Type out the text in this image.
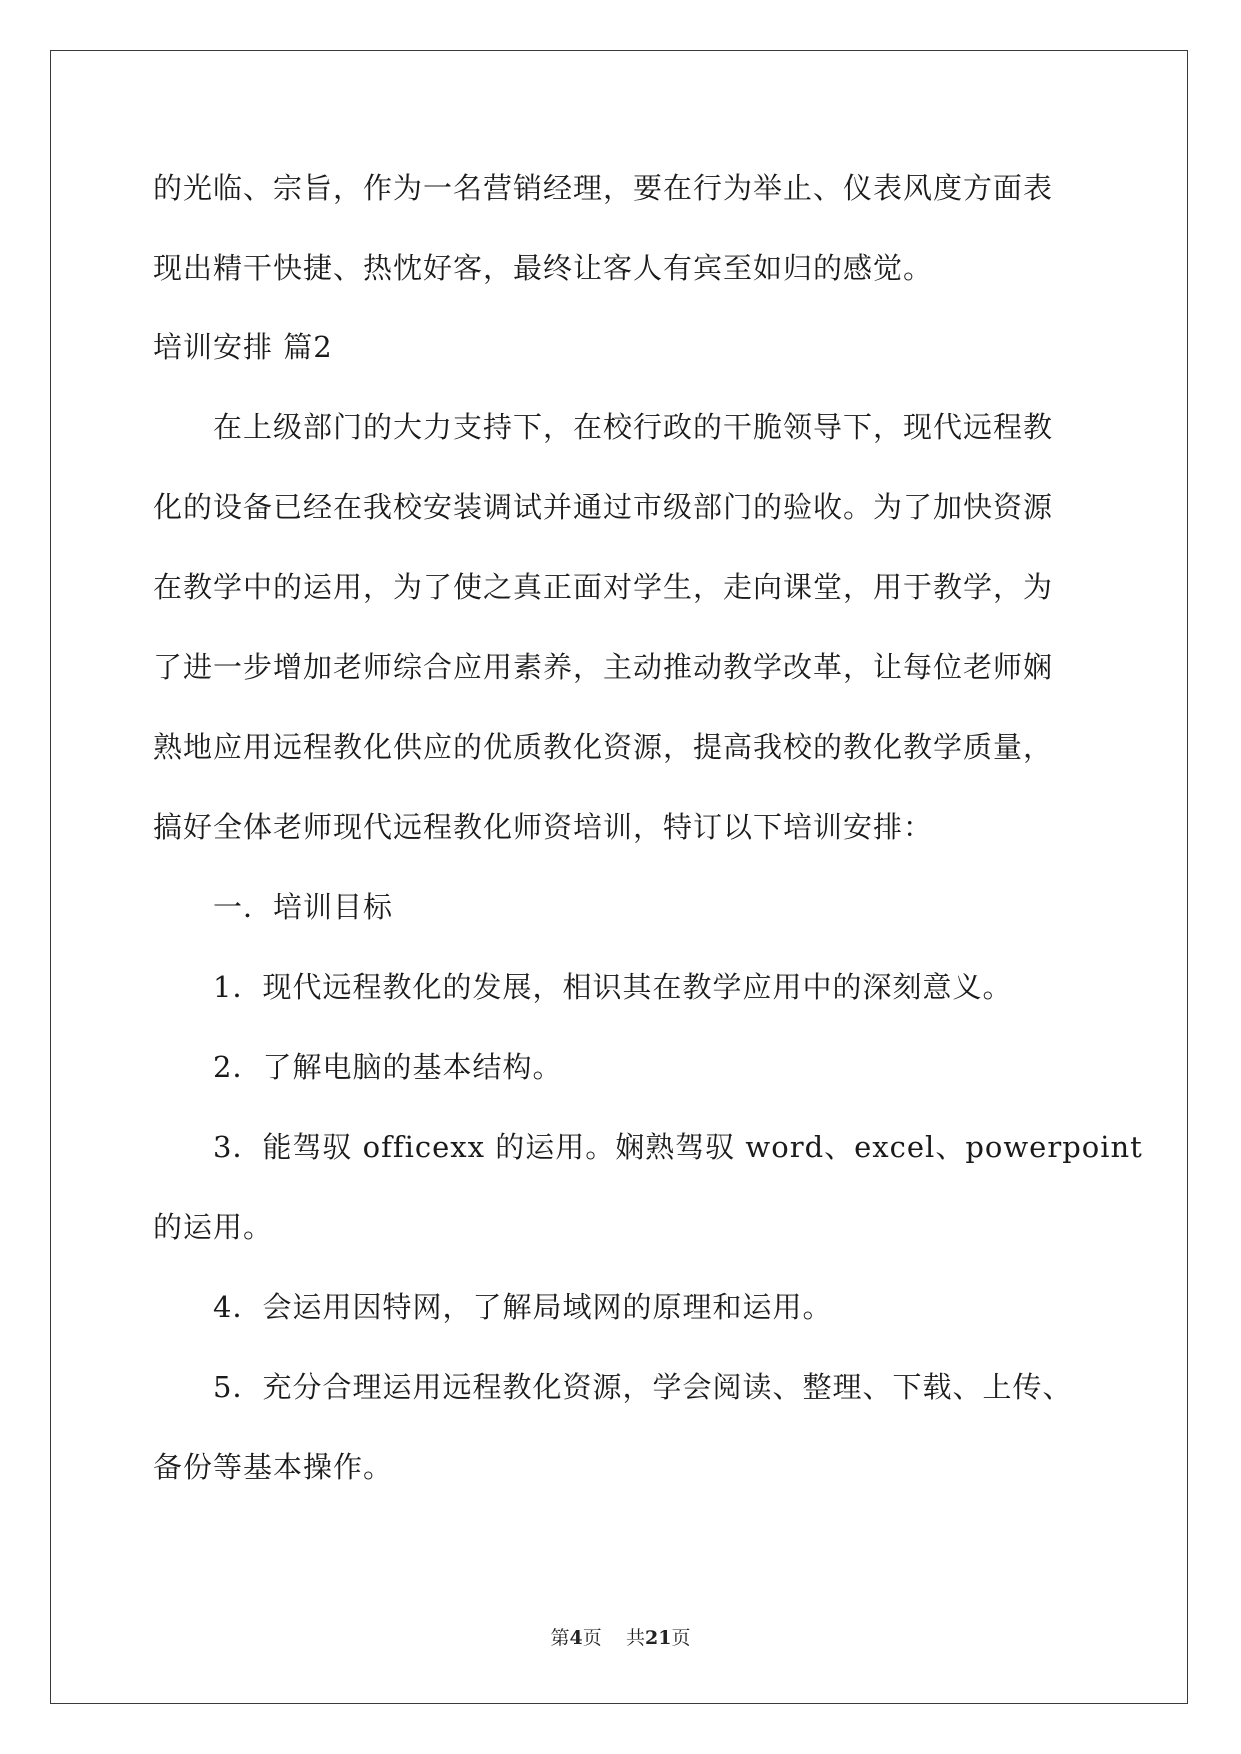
的光临、宗旨，作为一名营销经理，要在行为举止、仪表风度方面表
现出精干快捷、热忱好客，最终让客人有宾至如归的感觉。
培训安排 篇2
在上级部门的大力支持下，在校行政的干脆领导下，现代远程教
化的设备已经在我校安装调试并通过市级部门的验收。为了加快资源
在教学中的运用，为了使之真正面对学生，走向课堂，用于教学，为
了进一步增加老师综合应用素养，主动推动教学改革，让每位老师娴
熟地应用远程教化供应的优质教化资源，提高我校的教化教学质量，
搞好全体老师现代远程教化师资培训，特订以下培训安排：
一．培训目标
1．现代远程教化的发展，相识其在教学应用中的深刻意义。
2．了解电脑的基本结构。
3．能驾驭 officexx 的运用。娴熟驾驭 word、excel、powerpoint
的运用。
4．会运用因特网，了解局域网的原理和运用。
5．充分合理运用远程教化资源，学会阅读、整理、下载、上传、
备份等基本操作。
第4页 共21页
